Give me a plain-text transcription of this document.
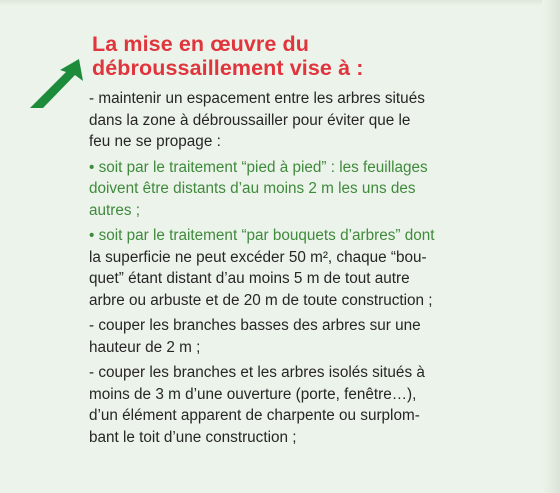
La mise en œuvre du
débroussaillement vise à :

- maintenir un espacement entre les arbres situés
dans la zone à débroussailler pour éviter que le
feu ne se propage :

• soit par le traitement “pied à pied” : les feuillages
doivent être distants d’au moins 2 m les uns des
autres ;

• soit par le traitement “par bouquets d’arbres” dont
la superficie ne peut excéder 50 m², chaque “bou-
quet” étant distant d’au moins 5 m de tout autre
arbre ou arbuste et de 20 m de toute construction ;

- couper les branches basses des arbres sur une
hauteur de 2 m ;

- couper les branches et les arbres isolés situés à
moins de 3 m d’une ouverture (porte, fenêtre…),
d’un élément apparent de charpente ou surplom-
bant le toit d’une construction ;
